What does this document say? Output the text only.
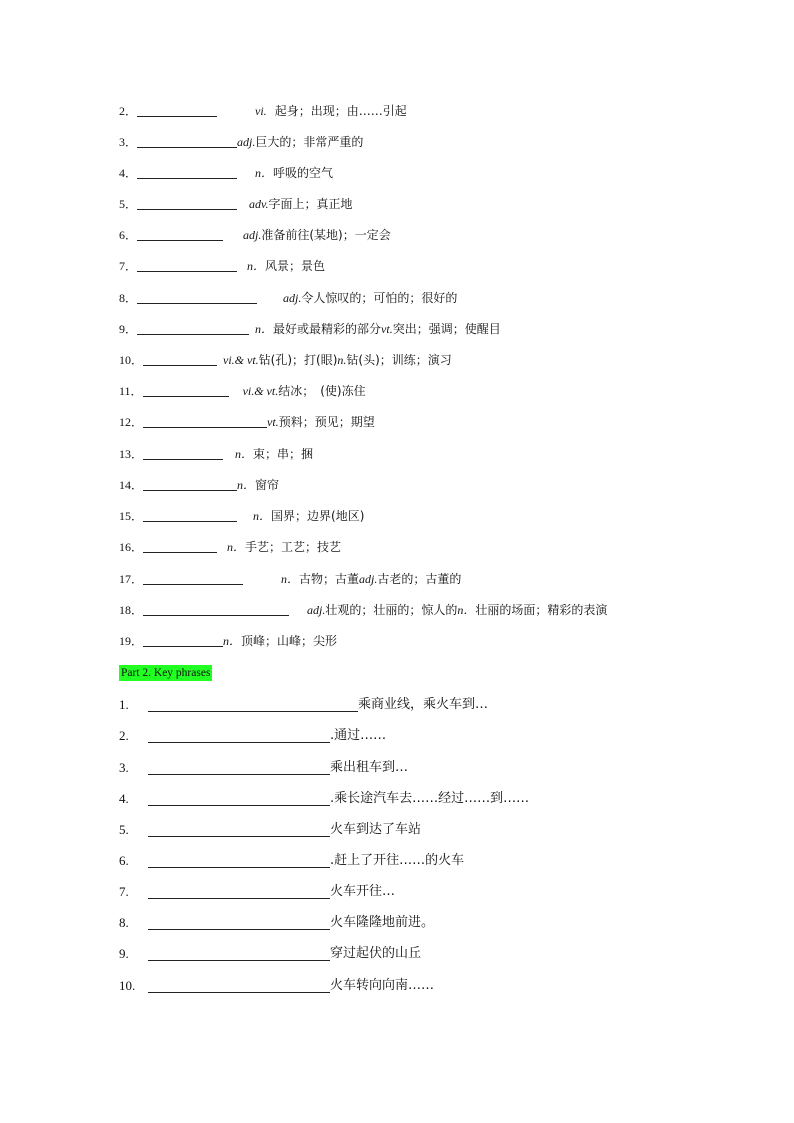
2．	vi. 起身；出现；由……引起
3．	adj. 巨大的；非常严重的
4．	n． 呼吸的空气
5．	adv. 字面上；真正地
6．	adj. 准备前往(某地)；一定会
7．	n． 风景；景色
8．	adj. 令人惊叹的；可怕的；很好的
9．	n． 最好或最精彩的部分 vt. 突出；强调；使醒目
10．	vi.& vt. 钻(孔)；打(眼) n. 钻(头)；训练；演习
11．	vi.& vt. 结冰；　(使)冻住
12．	vt. 预料；预见；期望
13．	n． 束；串；捆
14．	n． 窗帘
15．	n． 国界；边界(地区)
16．	n． 手艺；工艺；技艺
17．	n． 古物；古董 adj. 古老的；古董的
18．	adj. 壮观的；壮丽的；惊人的 n． 壮丽的场面；精彩的表演
19．	n． 顶峰；山峰；尖形
Part 2. Key phrases
1.	乘商业线，乘火车到…
2.	.通过……
3.	乘出租车到…
4.	.乘长途汽车去……经过……到……
5.	火车到达了车站
6.	.赶上了开往……的火车
7.	火车开往…
8.	火车隆隆地前进。
9.	穿过起伏的山丘
10.	火车转向向南……
